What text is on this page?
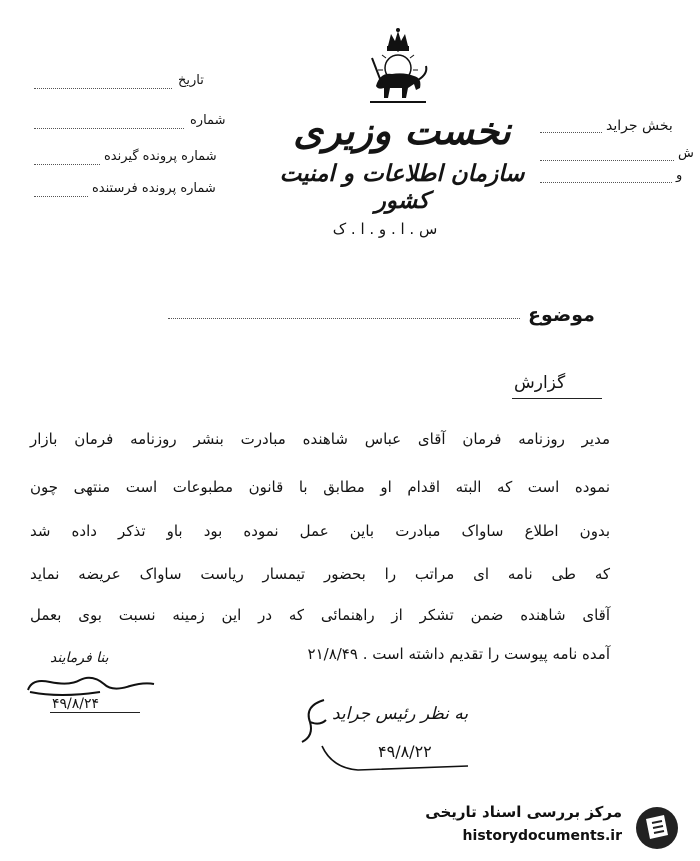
تاریخ
شماره
شماره پرونده گیرنده
شماره پرونده فرستنده
نخست وزیری
سازمان اطلاعات و امنیت کشور
س . ا . و . ا . ک
بخش جراید
ش
و
موضوع
گزارش
مدیر روزنامه فرمان آقای عباس شاهنده مبادرت بنشر روزنامه فرمان بازار
نموده است که البته اقدام او مطابق با قانون مطبوعات است منتهی چون
بدون اطلاع ساواک مبادرت باین عمل نموده بود باو تذکر داده شد
که طی نامه ای مراتب را بحضور تیمسار ریاست ساواک عریضه نماید
آقای شاهنده ضمن تشکر از راهنمائی که در این زمینه نسبت بوی بعمل
آمده نامه پیوست را تقدیم داشته است . ۲۱/۸/۴۹
بنا فرمایند
۴۹/۸/۲۴	به نظر رئیس جراید
۴۹/۸/۲۲
مرکز بررسی اسناد تاریخی
historydocuments.ir
